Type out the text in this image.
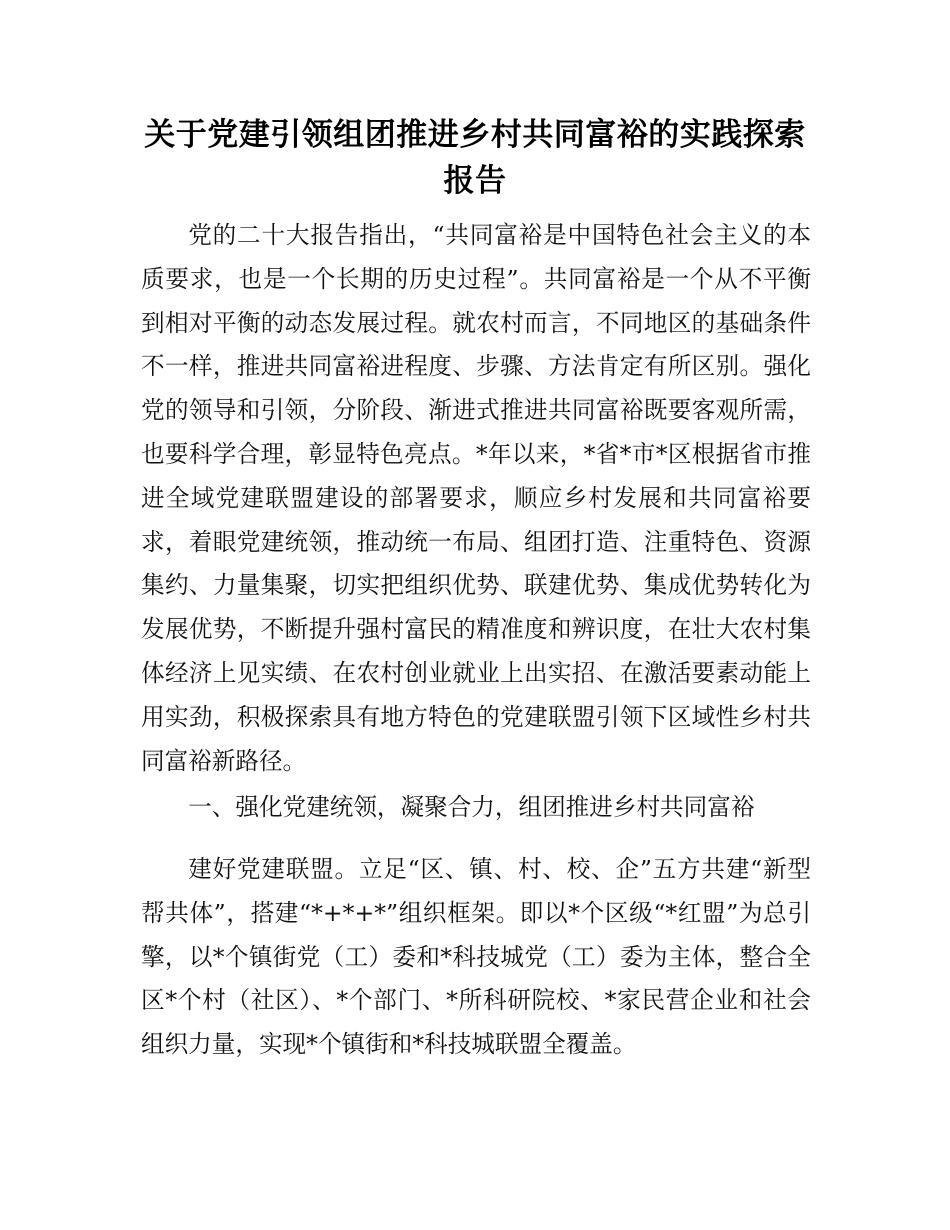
关于党建引领组团推进乡村共同富裕的实践探索报告

党的二十大报告指出，“共同富裕是中国特色社会主义的本质要求，也是一个长期的历史过程”。共同富裕是一个从不平衡到相对平衡的动态发展过程。就农村而言，不同地区的基础条件不一样，推进共同富裕进程度、步骤、方法肯定有所区别。强化党的领导和引领，分阶段、渐进式推进共同富裕既要客观所需，也要科学合理，彰显特色亮点。*年以来，*省*市*区根据省市推进全域党建联盟建设的部署要求，顺应乡村发展和共同富裕要求，着眼党建统领，推动统一布局、组团打造、注重特色、资源集约、力量集聚，切实把组织优势、联建优势、集成优势转化为发展优势，不断提升强村富民的精准度和辨识度，在壮大农村集体经济上见实绩、在农村创业就业上出实招、在激活要素动能上用实劲，积极探索具有地方特色的党建联盟引领下区域性乡村共同富裕新路径。

一、强化党建统领，凝聚合力，组团推进乡村共同富裕

建好党建联盟。立足“区、镇、村、校、企”五方共建“新型帮共体”，搭建“*+*+*”组织框架。即以*个区级“*红盟”为总引擎，以*个镇街党（工）委和*科技城党（工）委为主体，整合全区*个村（社区）、*个部门、*所科研院校、*家民营企业和社会组织力量，实现*个镇街和*科技城联盟全覆盖。
